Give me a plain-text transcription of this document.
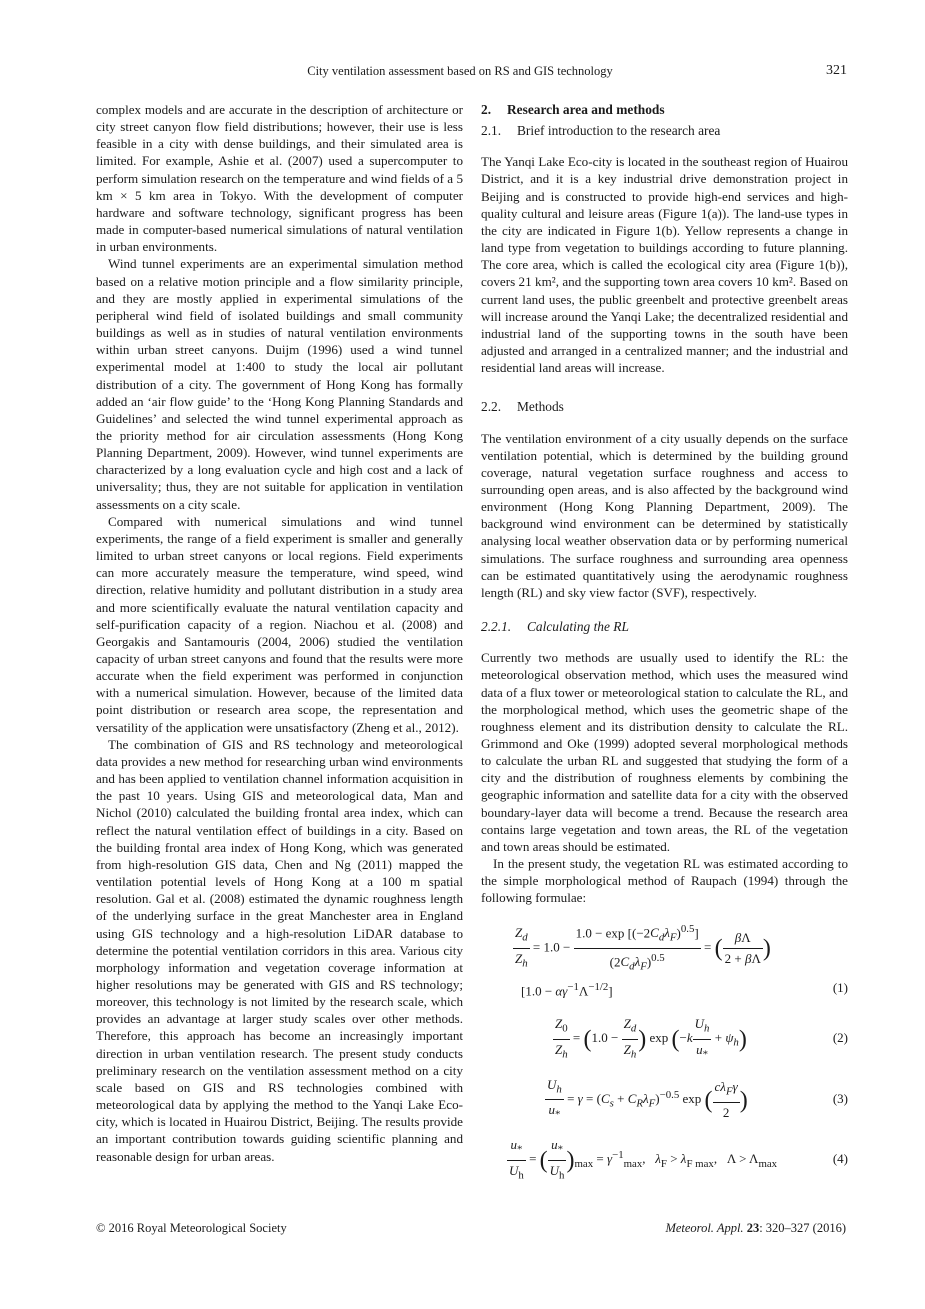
City ventilation assessment based on RS and GIS technology	321

complex models and are accurate in the description of architecture or city street canyon flow field distributions; however, their use is less feasible in a city with dense buildings, and their simulated area is limited. For example, Ashie et al. (2007) used a supercomputer to perform simulation research on the temperature and wind fields of a 5 km × 5 km area in Tokyo. With the development of computer hardware and software technology, significant progress has been made in computer-based numerical simulations of natural ventilation in urban environments.

Wind tunnel experiments are an experimental simulation method based on a relative motion principle and a flow similarity principle, and they are mostly applied in experimental simulations of the peripheral wind field of isolated buildings and small community buildings as well as in studies of natural ventilation environments within urban street canyons. Duijm (1996) used a wind tunnel experimental model at 1:400 to study the local air pollutant distribution of a city. The government of Hong Kong has formally added an ‘air flow guide’ to the ‘Hong Kong Planning Standards and Guidelines’ and selected the wind tunnel experimental approach as the priority method for air circulation assessments (Hong Kong Planning Department, 2009). However, wind tunnel experiments are characterized by a long evaluation cycle and high cost and a lack of universality; thus, they are not suitable for application in ventilation assessments on a city scale.

Compared with numerical simulations and wind tunnel experiments, the range of a field experiment is smaller and generally limited to urban street canyons or local regions. Field experiments can more accurately measure the temperature, wind speed, wind direction, relative humidity and pollutant distribution in a study area and more scientifically evaluate the natural ventilation capacity and self-purification capacity of a region. Niachou et al. (2008) and Georgakis and Santamouris (2004, 2006) studied the ventilation capacity of urban street canyons and found that the results were more accurate when the field experiment was performed in conjunction with a numerical simulation. However, because of the limited data point distribution or research area scope, the representation and versatility of the application were unsatisfactory (Zheng et al., 2012).

The combination of GIS and RS technology and meteorological data provides a new method for researching urban wind environments and has been applied to ventilation channel information acquisition in the past 10 years. Using GIS and meteorological data, Man and Nichol (2010) calculated the building frontal area index, which can reflect the natural ventilation effect of buildings in a city. Based on the building frontal area index of Hong Kong, which was generated from high-resolution GIS data, Chen and Ng (2011) mapped the ventilation potential levels of Hong Kong at a 100 m spatial resolution. Gal et al. (2008) estimated the dynamic roughness length of the underlying surface in the great Manchester area in England using GIS technology and a high-resolution LiDAR database to determine the potential ventilation corridors in this area. Various city morphology information and vegetation coverage information at higher resolutions may be generated with GIS and RS technology; moreover, this technology is not limited by the research scale, which provides an advantage at larger study scales over other methods. Therefore, this approach has become an increasingly important direction in urban ventilation research. The present study conducts preliminary research on the ventilation assessment method on a city scale based on GIS and RS technologies combined with meteorological data by applying the method to the Yanqi Lake Eco-city, which is located in Huairou District, Beijing. The results provide an important contribution towards guiding scientific planning and reasonable design for urban areas.

2. Research area and methods

2.1. Brief introduction to the research area

The Yanqi Lake Eco-city is located in the southeast region of Huairou District, and it is a key industrial drive demonstration project in Beijing and is constructed to provide high-end services and high-quality cultural and leisure areas (Figure 1(a)). The land-use types in the city are indicated in Figure 1(b). Yellow represents a change in land type from vegetation to buildings according to future planning. The core area, which is called the ecological city area (Figure 1(b)), covers 21 km², and the supporting town area covers 10 km². Based on current land uses, the public greenbelt and protective greenbelt areas will increase around the Yanqi Lake; the decentralized residential and industrial land of the supporting towns in the south have been adjusted and arranged in a centralized manner; and the industrial and residential land areas will increase.

2.2. Methods

The ventilation environment of a city usually depends on the surface ventilation potential, which is determined by the building ground coverage, natural vegetation surface roughness and access to surrounding open areas, and is also affected by the background wind environment (Hong Kong Planning Department, 2009). The background wind environment can be determined by statistically analysing local weather observation data or by performing numerical simulations. The surface roughness and surrounding area openness can be estimated quantitatively using the aerodynamic roughness length (RL) and sky view factor (SVF), respectively.

2.2.1. Calculating the RL

Currently two methods are usually used to identify the RL: the meteorological observation method, which uses the measured wind data of a flux tower or meteorological station to calculate the RL, and the morphological method, which uses the geometric shape of the roughness element and its distribution density to calculate the RL. Grimmond and Oke (1999) adopted several morphological methods to calculate the urban RL and suggested that studying the form of a city and the distribution of roughness elements by combining the geographic information and satellite data for a city with the observed boundary-layer data will become a trend. Because the research area contains large vegetation and town areas, the RL of the vegetation and town areas should be estimated.

In the present study, the vegetation RL was estimated according to the simple morphological method of Raupach (1994) through the following formulae:

$\frac{Z_d}{Z_h} = 1.0 - \frac{1.0 - \exp [(-2C_d\lambda_F)^{0.5}]}{(2C_d\lambda_F)^{0.5}}$ = ( $\frac{\beta\Lambda}{2 + \beta\Lambda}$ )
$[1.0 - \alpha\gamma^{-1}\Lambda^{-1/2}]$	(1)
$\frac{Z_0}{Z_h} = (1.0 - \frac{Z_d}{Z_h}$ ) $\exp (-k \frac{U_h}{u_*} + \psi_h)$	(2)
$\frac{U_h}{u_*} = \gamma = (C_s + C_R\lambda_F)^{-0.5}$ exp ( $\frac{c\lambda_F\gamma}{2}$ )	(3)
$\frac{u_*}{U_h}$ = ( $\frac{u_*}{U_h} )_{max} = \gamma^{-1}_{max}$,   $\lambda_F > \lambda_{F max}$,   $\Lambda > \Lambda_{max}$	(4)
© 2016 Royal Meteorological Society	Meteorol. Appl. 23: 320–327 (2016)
